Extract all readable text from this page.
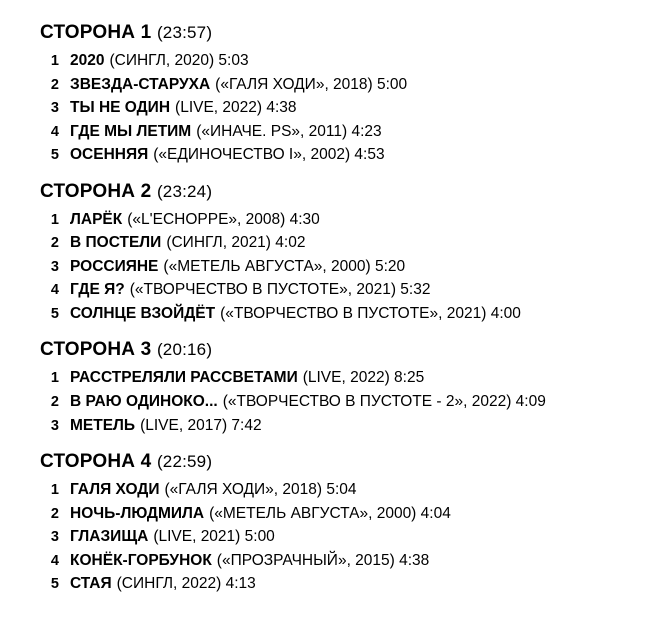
СТОРОНА 1 (23:57)
1 2020 (СИНГЛ, 2020) 5:03
2 ЗВЕЗДА-СТАРУХА («ГАЛЯ ХОДИ», 2018) 5:00
3 ТЫ НЕ ОДИН (LIVE, 2022) 4:38
4 ГДЕ МЫ ЛЕТИМ («ИНАЧЕ. PS», 2011) 4:23
5 ОСЕННЯЯ («ЕДИНОЧЕСТВО I», 2002) 4:53
СТОРОНА 2 (23:24)
1 ЛАРЁК («L'ECHOPPE», 2008) 4:30
2 В ПОСТЕЛИ (СИНГЛ, 2021) 4:02
3 РОССИЯНЕ («МЕТЕЛЬ АВГУСТА», 2000) 5:20
4 ГДЕ Я? («ТВОРЧЕСТВО В ПУСТОТЕ», 2021) 5:32
5 СОЛНЦЕ ВЗОЙДЁТ («ТВОРЧЕСТВО В ПУСТОТЕ», 2021) 4:00
СТОРОНА 3 (20:16)
1 РАССТРЕЛЯЛИ РАССВЕТАМИ (LIVE, 2022) 8:25
2 В РАЮ ОДИНОКО... («ТВОРЧЕСТВО В ПУСТОТЕ - 2», 2022) 4:09
3 МЕТЕЛЬ (LIVE, 2017) 7:42
СТОРОНА 4 (22:59)
1 ГАЛЯ ХОДИ («ГАЛЯ ХОДИ», 2018) 5:04
2 НОЧЬ-ЛЮДМИЛА («МЕТЕЛЬ АВГУСТА», 2000) 4:04
3 ГЛАЗИЩА (LIVE, 2021) 5:00
4 КОНЁК-ГОРБУНОК («ПРОЗРАЧНЫЙ», 2015) 4:38
5 СТАЯ (СИНГЛ, 2022) 4:13
